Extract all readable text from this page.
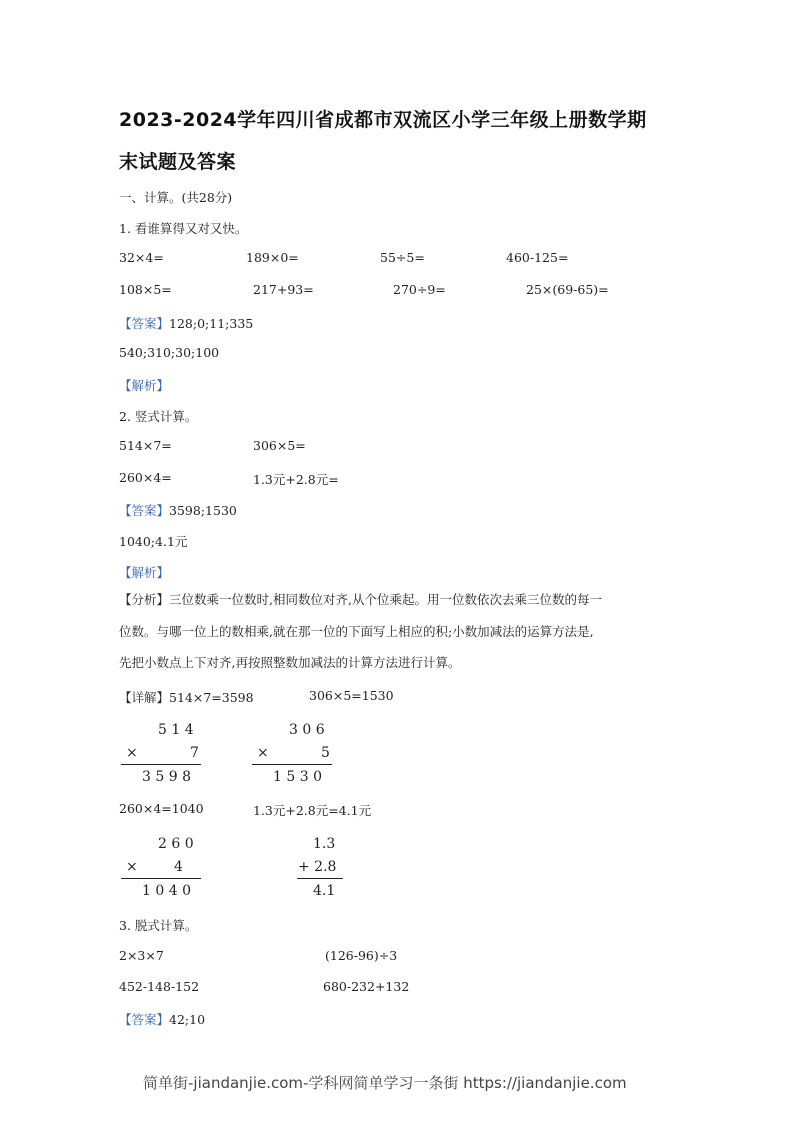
2023-2024学年四川省成都市双流区小学三年级上册数学期
末试题及答案
一、计算。(共28分)
1. 看谁算得又对又快。
32×4=	189×0=	55÷5=	460-125=
108×5=	217+93=	270÷9=	25×(69-65)=
【答案】128;0;11;335
540;310;30;100
【解析】
2. 竖式计算。
514×7=	306×5=
260×4=	1.3元+2.8元=
【答案】3598;1530
1040;4.1元
【解析】
【分析】三位数乘一位数时,相同数位对齐,从个位乘起。用一位数依次去乘三位数的每一
位数。与哪一位上的数相乘,就在那一位的下面写上相应的积;小数加减法的运算方法是,
先把小数点上下对齐,再按照整数加减法的计算方法进行计算。
【详解】514×7=3598	306×5=1530
5 1 4
×	7
3 5 9 8
3 0 6
×	5
1 5 3 0
260×4=1040	1.3元+2.8元=4.1元
2 6 0
×	4
1 0 4 0
1.3
+ 2.8
4.1
3. 脱式计算。
2×3×7	(126-96)÷3
452-148-152	680-232+132
【答案】42;10
简单街-jiandanjie.com-学科网简单学习一条街 https://jiandanjie.com
